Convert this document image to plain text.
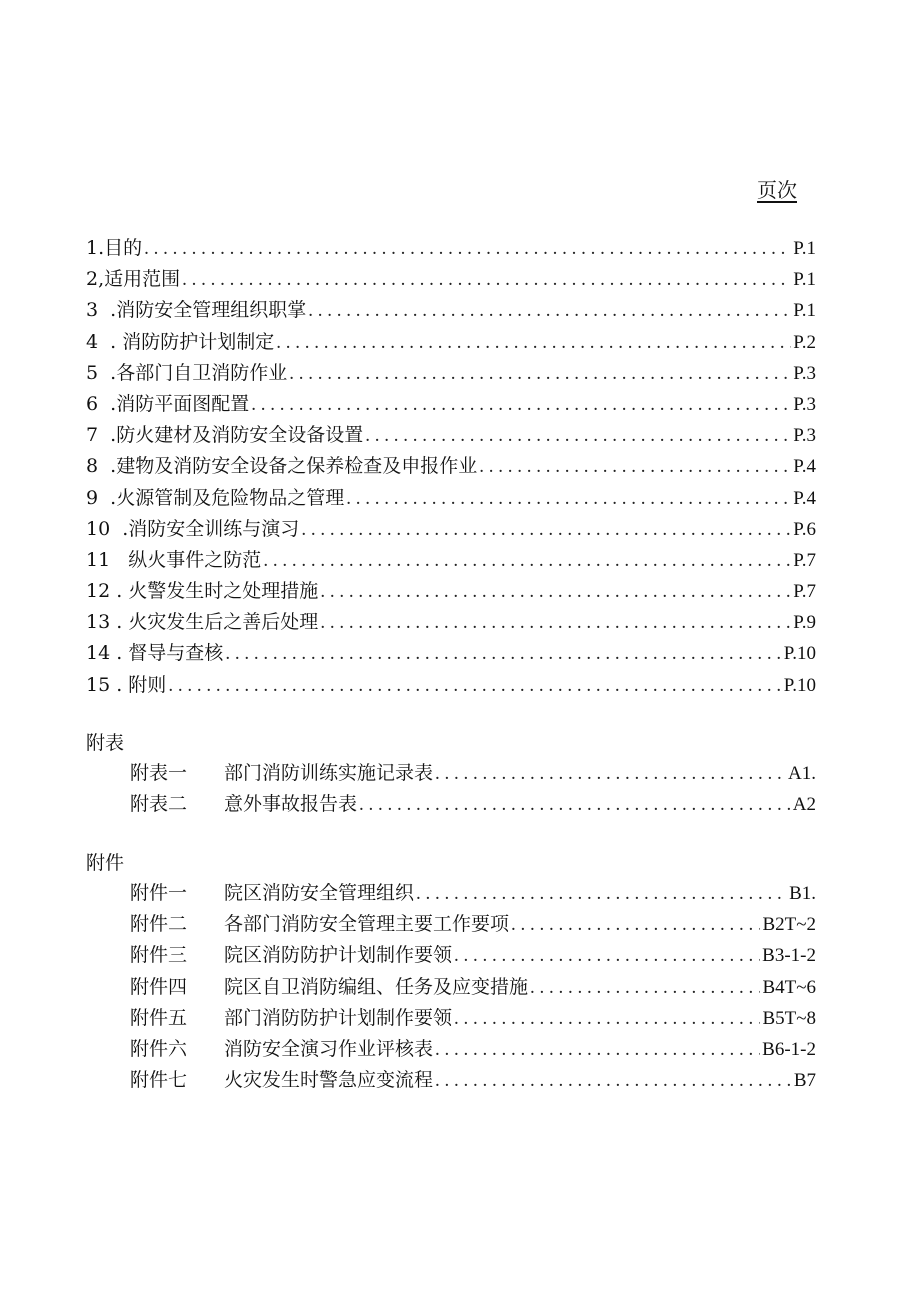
页次
1. 目的 . . .	P.1
2, 适用范围 . . .	P.1
3 .消防安全管理组织职掌 . . .	P.1
4 . 消防防护计划制定 . . .	P.2
5 .各部门自卫消防作业 . . .	P.3
6 .消防平面图配置 . . .	P.3
7 .防火建材及消防安全设备设置 . . .	P.3
8 .建物及消防安全设备之保养检查及申报作业 . . .	P.4
9 .火源管制及危险物品之管理 . . .	P.4
10 .消防安全训练与演习 . . .	P.6
11 纵火事件之防范 . . .	P.7
12 . 火警发生时之处理措施 . . .	P.7
13 . 火灾发生后之善后处理 . . .	P.9
14 . 督导与查核 . . .	P.10
15 . 附则 . . .	P.10
附表
附表一	部门消防训练实施记录表 . . .	A1.
附表二	意外事故报告表 . . .	A2
附件
附件一	院区消防安全管理组织 . . .	B1.
附件二	各部门消防安全管理主要工作要项 . . .	B2T~2
附件三	院区消防防护计划制作要领 . . .	B3-1-2
附件四	院区自卫消防编组、任务及应变措施 . . .	B4T~6
附件五	部门消防防护计划制作要领 . . .	B5T~8
附件六	消防安全演习作业评核表 . . .	B6-1-2
附件七	火灾发生时警急应变流程 . . .	B7
